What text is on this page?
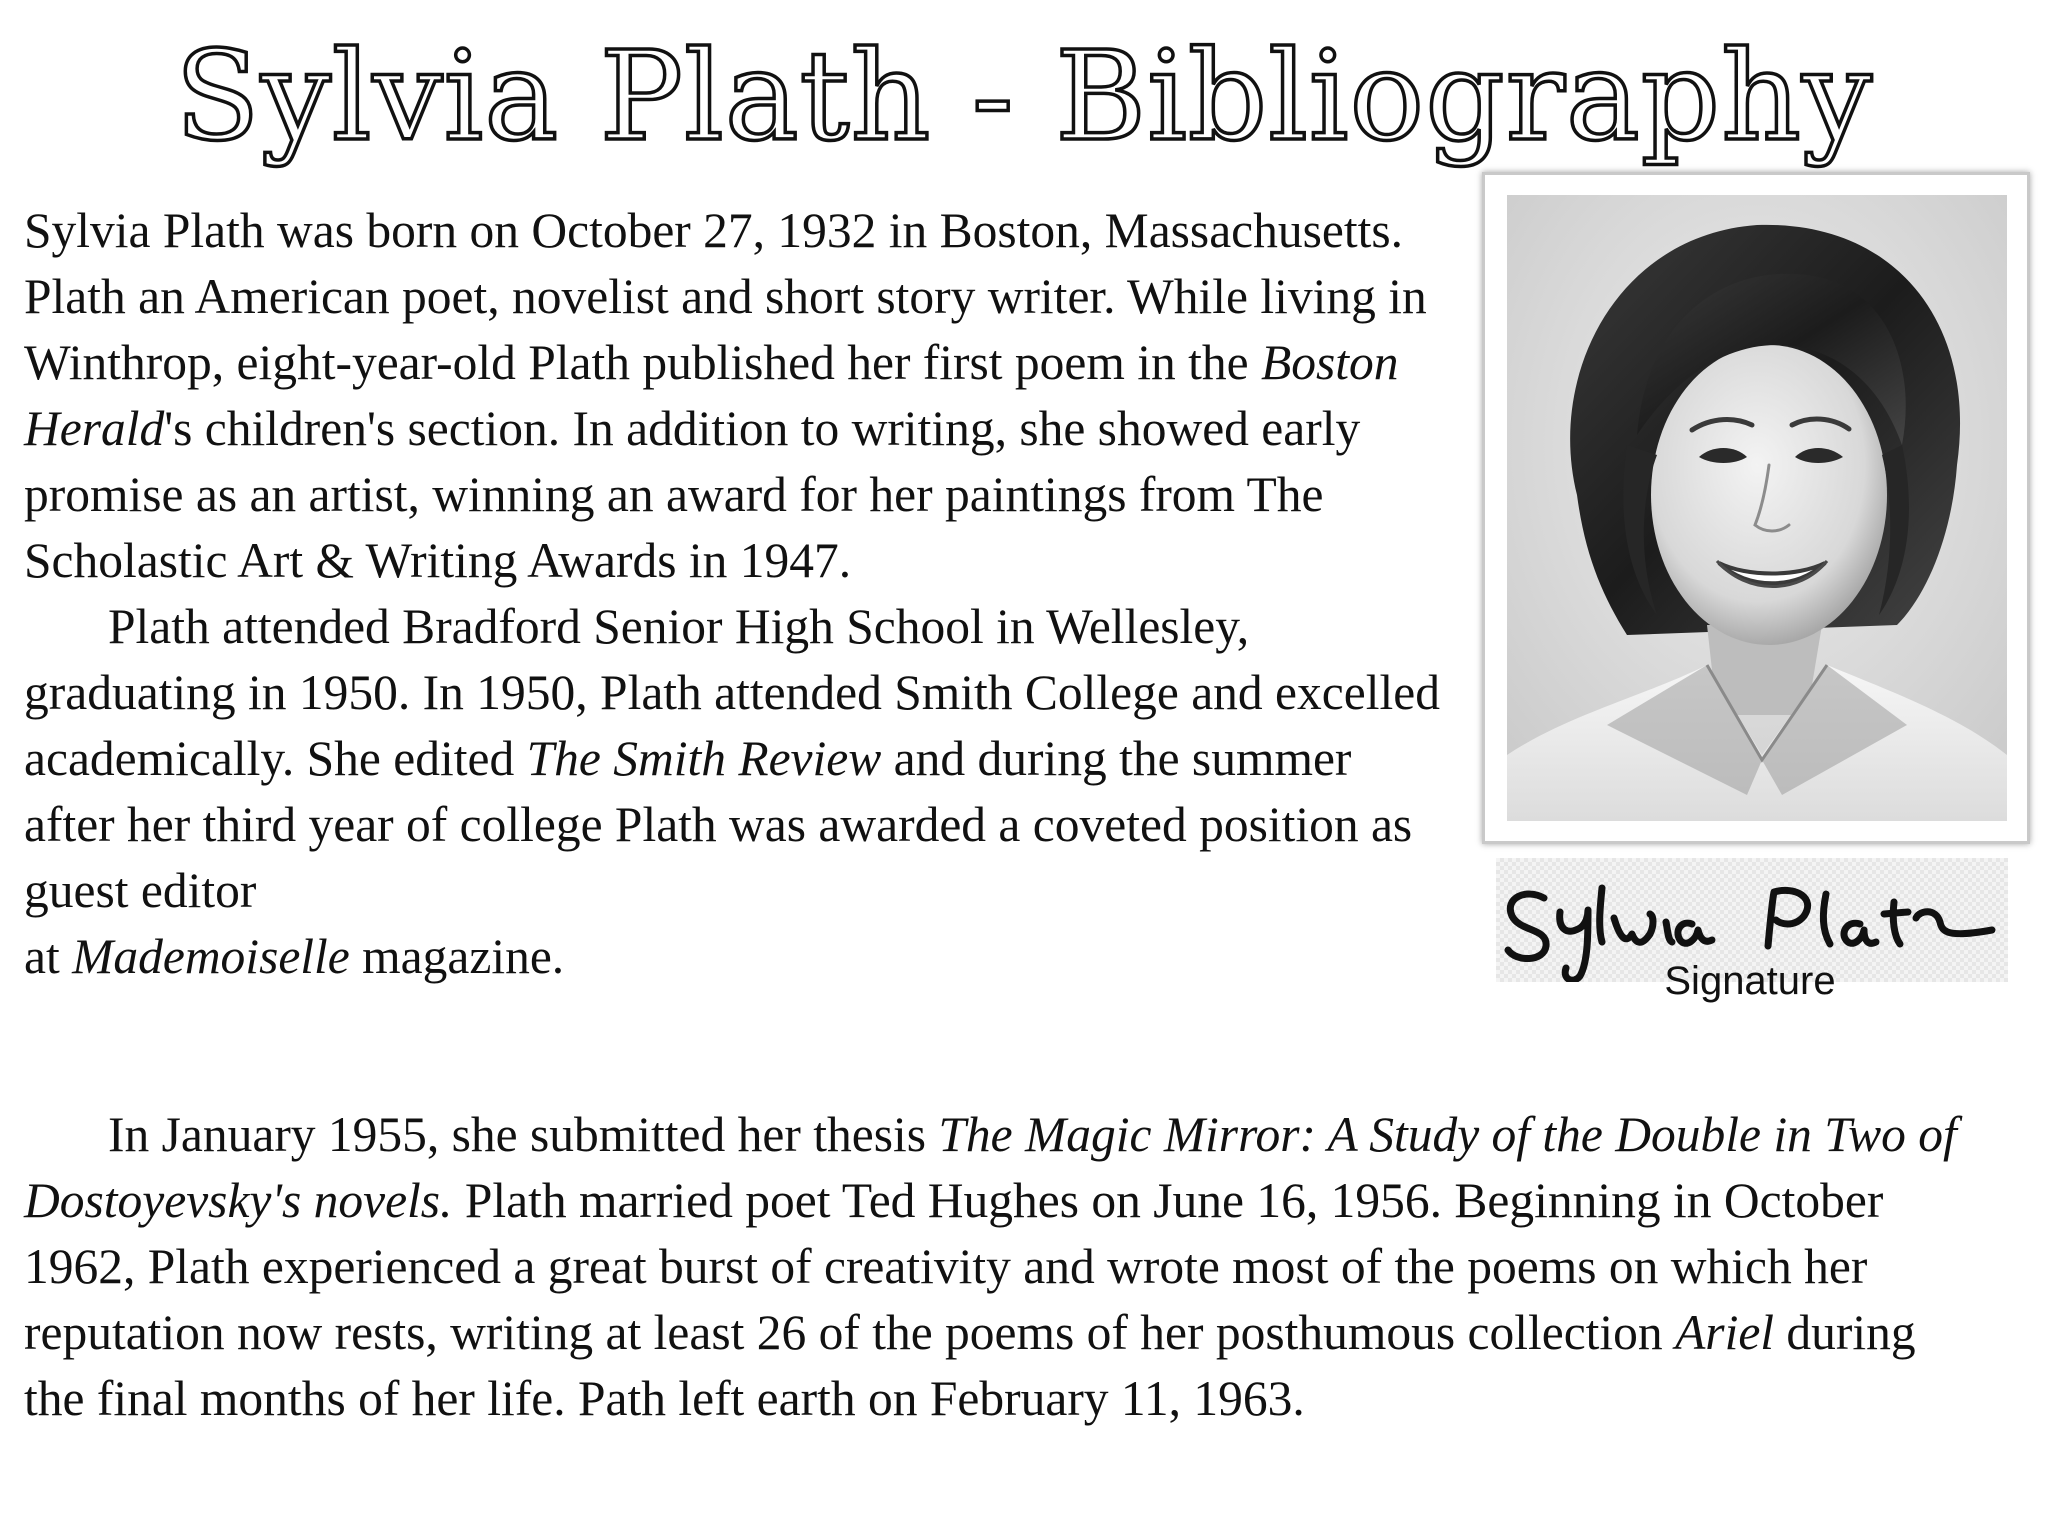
Sylvia Plath - Bibliography

Sylvia Plath was born on October 27, 1932 in Boston, Massachusetts. Plath an American poet, novelist and short story writer. While living in Winthrop, eight-year-old Plath published her first poem in the Boston Herald's children's section. In addition to writing, she showed early promise as an artist, winning an award for her paintings from The Scholastic Art & Writing Awards in 1947.

Plath attended Bradford Senior High School in Wellesley, graduating in 1950. In 1950, Plath attended Smith College and excelled academically. She edited The Smith Review and during the summer after her third year of college Plath was awarded a coveted position as guest editor
at Mademoiselle magazine.	Signature

In January 1955, she submitted her thesis The Magic Mirror: A Study of the Double in Two of Dostoyevsky's novels. Plath married poet Ted Hughes on June 16, 1956. Beginning in October 1962, Plath experienced a great burst of creativity and wrote most of the poems on which her reputation now rests, writing at least 26 of the poems of her posthumous collection Ariel during the final months of her life. Path left earth on February 11, 1963.
